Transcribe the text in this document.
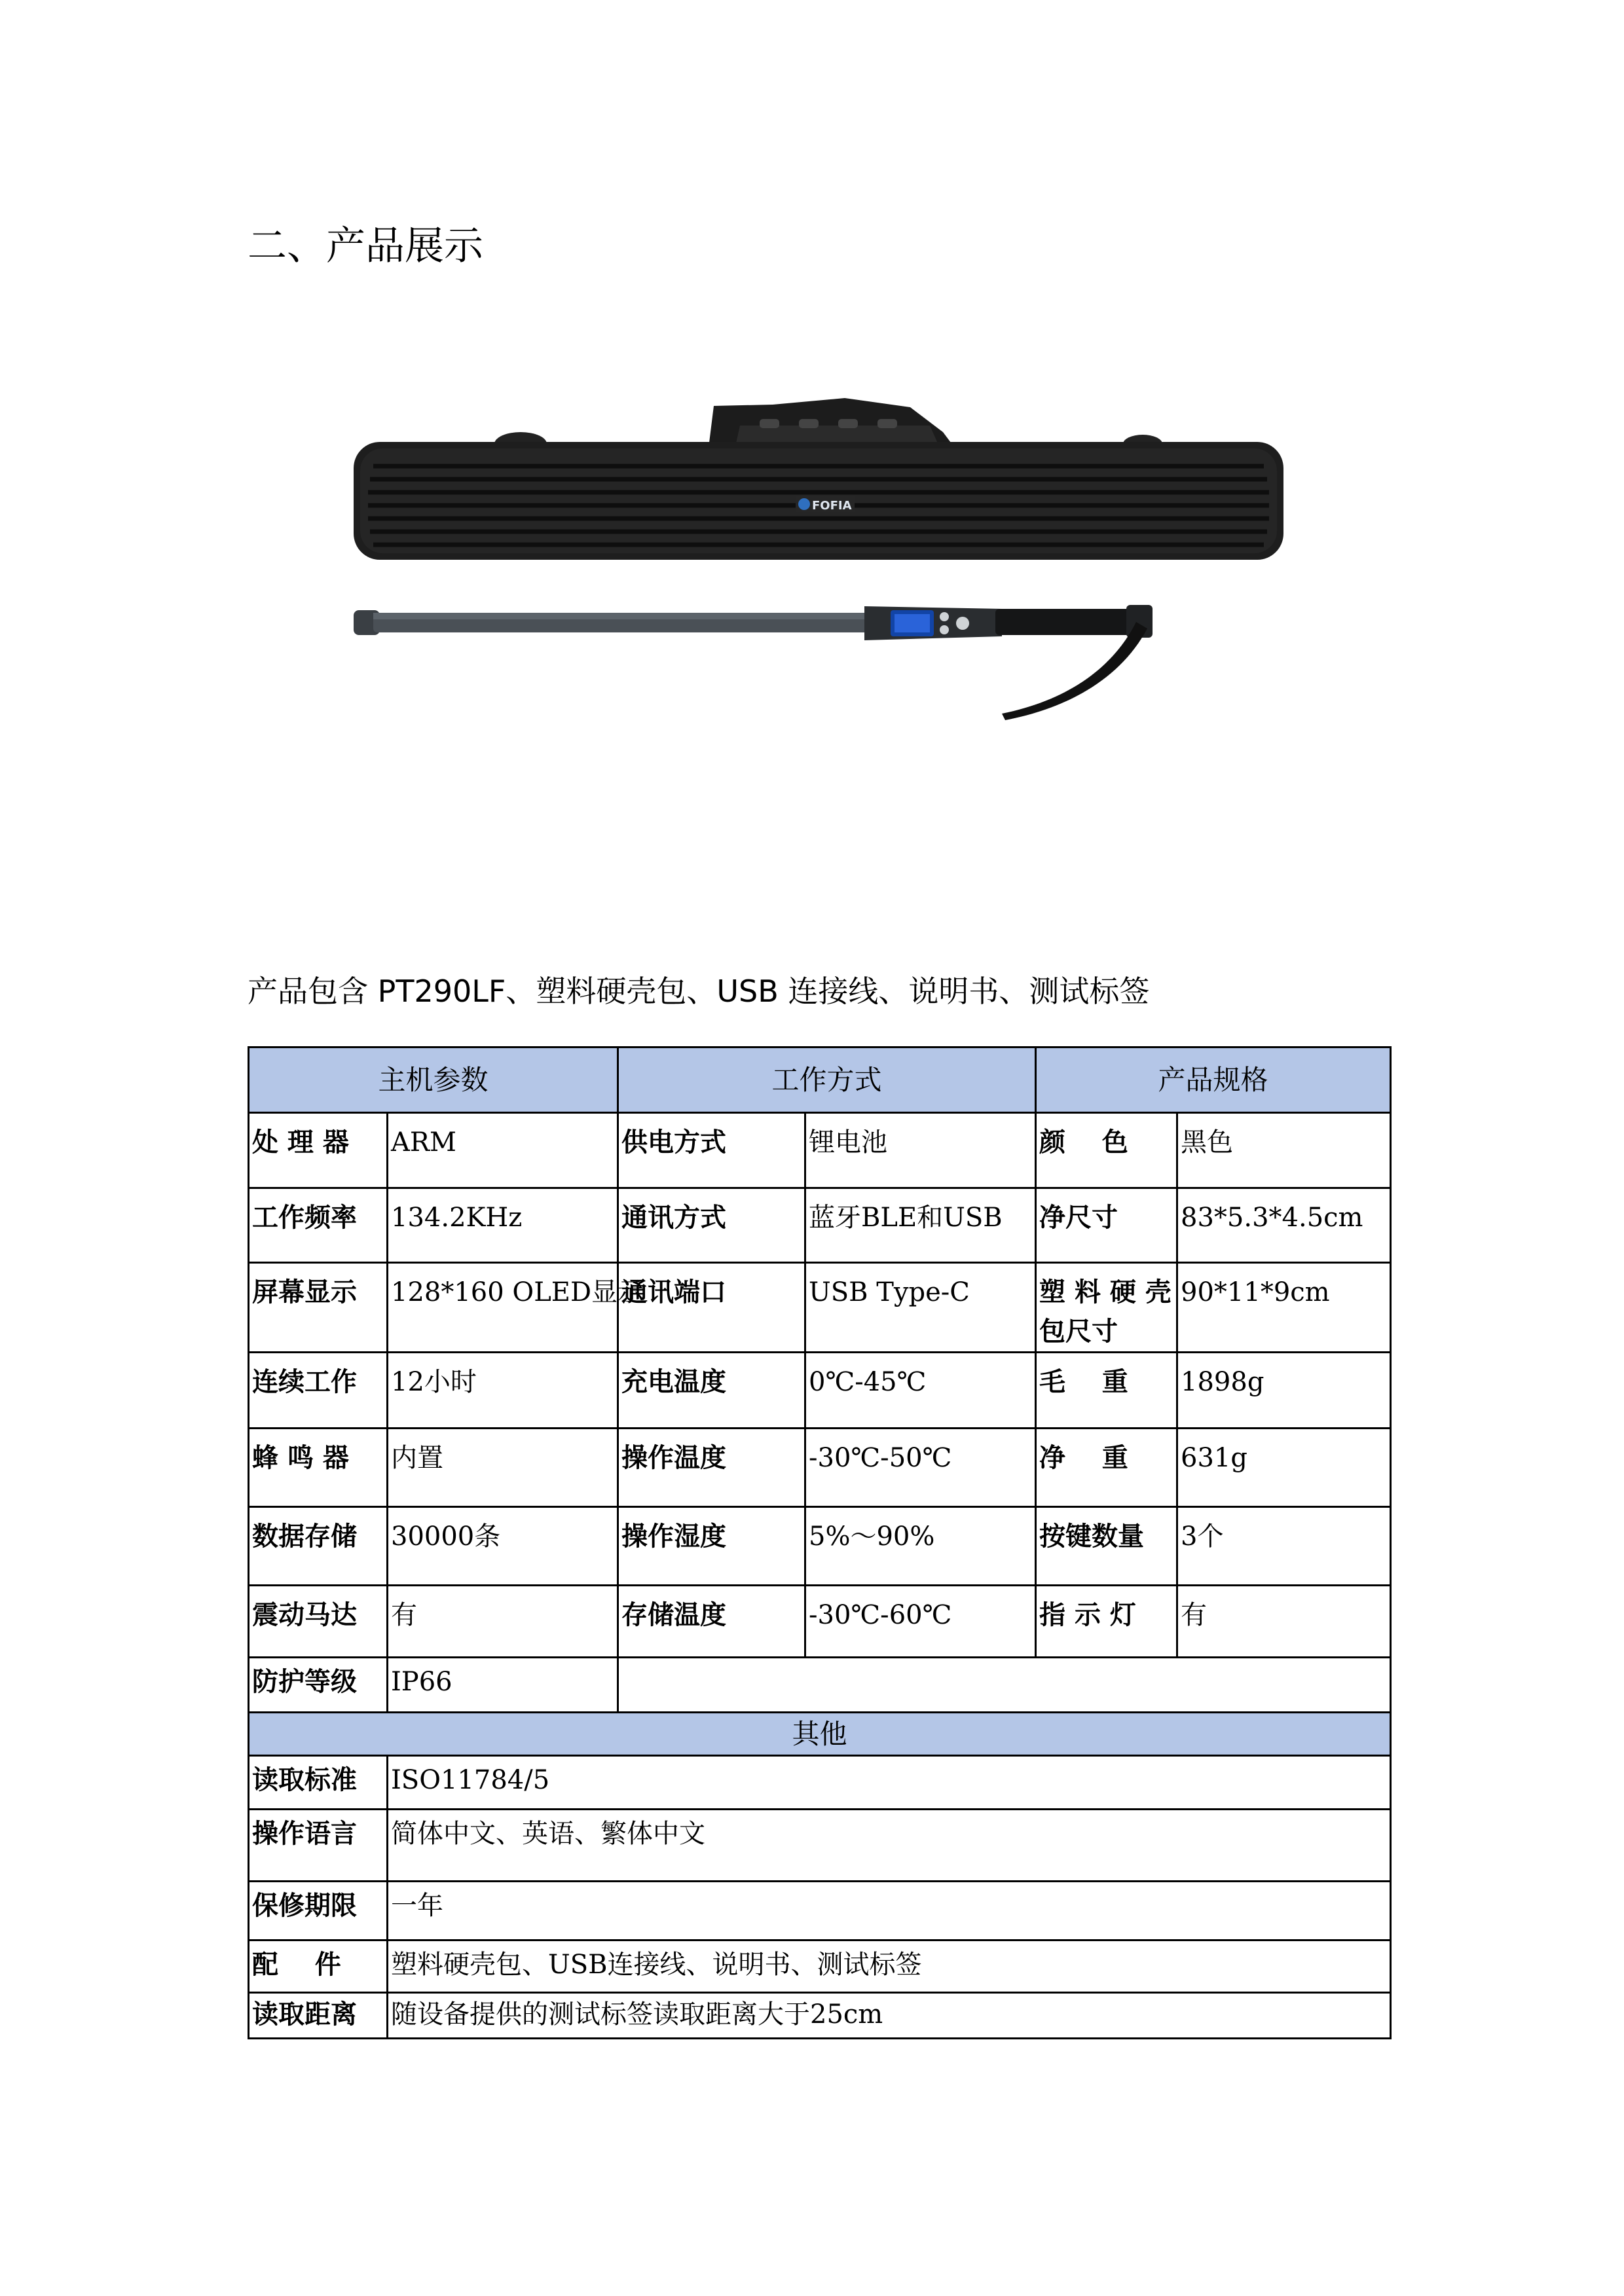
二、产品展示
FOFIA
产品包含 PT290LF、塑料硬壳包、USB 连接线、说明书、测试标签
主机参数		工作方式		产品规格	
处 理 器	ARM	供电方式	锂电池	颜    色	黑色
工作频率	134.2KHz	通讯方式	蓝牙BLE和USB	净尺寸	83*5.3*4.5cm
屏幕显示	128*160 OLED显示	通讯端口	USB Type-C	塑 料 硬 壳 包尺寸	90*11*9cm
连续工作	12小时	充电温度	0℃-45℃	毛    重	1898g
蜂 鸣 器	内置	操作温度	-30℃-50℃	净    重	631g
数据存储	30000条	操作湿度	5%～90%	按键数量	3个
震动马达	有	存储温度	-30℃-60℃	指 示 灯	有
防护等级	IP66				
其他					
读取标准	ISO11784/5				
操作语言	简体中文、英语、繁体中文				
保修期限	一年				
配    件	塑料硬壳包、USB连接线、说明书、测试标签				
读取距离	随设备提供的测试标签读取距离大于25cm				
